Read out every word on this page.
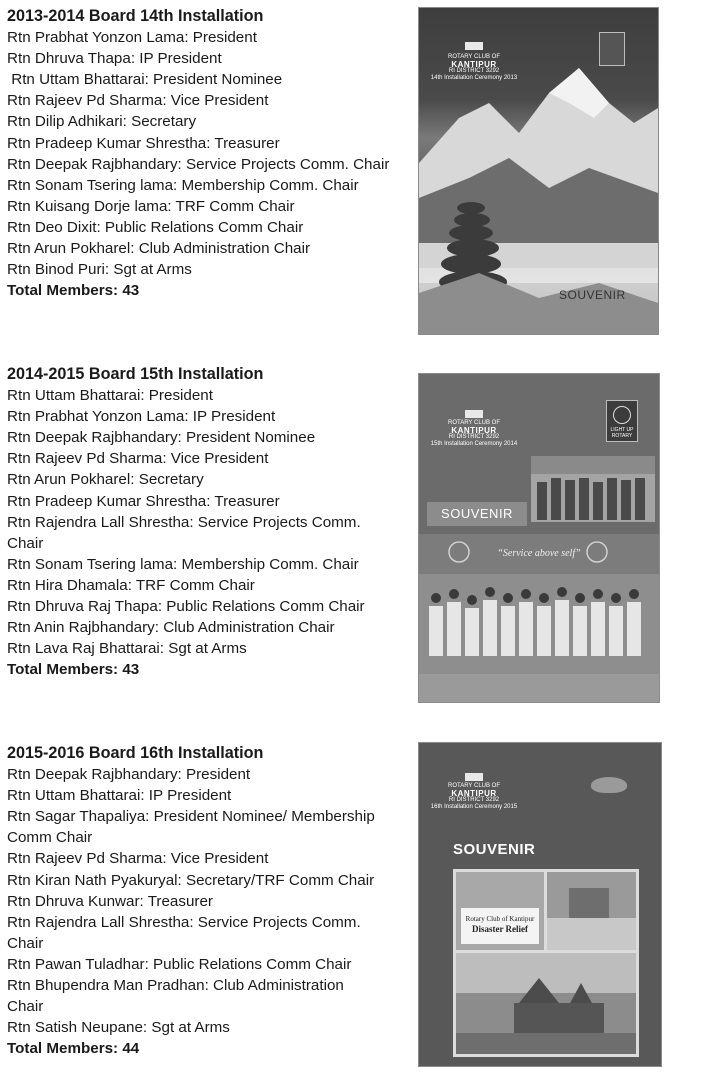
2013-2014 Board 14th Installation
Rtn Prabhat Yonzon Lama: President
Rtn Dhruva Thapa: IP President
Rtn Uttam Bhattarai: President Nominee
Rtn Rajeev Pd Sharma: Vice President
Rtn Dilip Adhikari: Secretary
Rtn Pradeep Kumar Shrestha: Treasurer
Rtn Deepak Rajbhandary: Service Projects Comm. Chair
Rtn Sonam Tsering lama: Membership Comm. Chair
Rtn Kuisang Dorje lama: TRF Comm Chair
Rtn Deo Dixit: Public Relations Comm Chair
Rtn Arun Pokharel: Club Administration Chair
Rtn Binod Puri: Sgt at Arms
Total Members: 43
ROTARY CLUB OF
KANTIPUR
RI DISTRICT 3292
14th Installation Ceremony 2013
SOUVENIR
2014-2015 Board 15th Installation
Rtn Uttam Bhattarai: President
Rtn Prabhat Yonzon Lama: IP President
Rtn Deepak Rajbhandary: President Nominee
Rtn Rajeev Pd Sharma: Vice President
Rtn Arun Pokharel: Secretary
Rtn Pradeep Kumar Shrestha: Treasurer
Rtn Rajendra Lall Shrestha: Service Projects Comm. Chair
Rtn Sonam Tsering lama: Membership Comm. Chair
Rtn Hira Dhamala: TRF Comm Chair
Rtn Dhruva Raj Thapa: Public Relations Comm Chair
Rtn Anin Rajbhandary: Club Administration Chair
Rtn Lava Raj Bhattarai: Sgt at Arms
Total Members: 43
ROTARY CLUB OF
KANTIPUR
RI DISTRICT 3292
15th Installation Ceremony 2014
LIGHT UP ROTARY
SOUVENIR
“Service above self”
2015-2016 Board 16th Installation
Rtn Deepak Rajbhandary: President
Rtn Uttam Bhattarai: IP President
Rtn Sagar Thapaliya: President Nominee/ Membership Comm Chair
Rtn Rajeev Pd Sharma: Vice President
Rtn Kiran Nath Pyakuryal: Secretary/TRF Comm Chair
Rtn Dhruva Kunwar: Treasurer
Rtn Rajendra Lall Shrestha: Service Projects Comm. Chair
Rtn Pawan Tuladhar: Public Relations Comm Chair
Rtn Bhupendra Man Pradhan: Club Administration Chair
Rtn Satish Neupane: Sgt at Arms
Total Members: 44
ROTARY CLUB OF
KANTIPUR
RI DISTRICT 3292
16th Installation Ceremony 2015
SOUVENIR
Rotary Club of Kantipur
Disaster Relief
